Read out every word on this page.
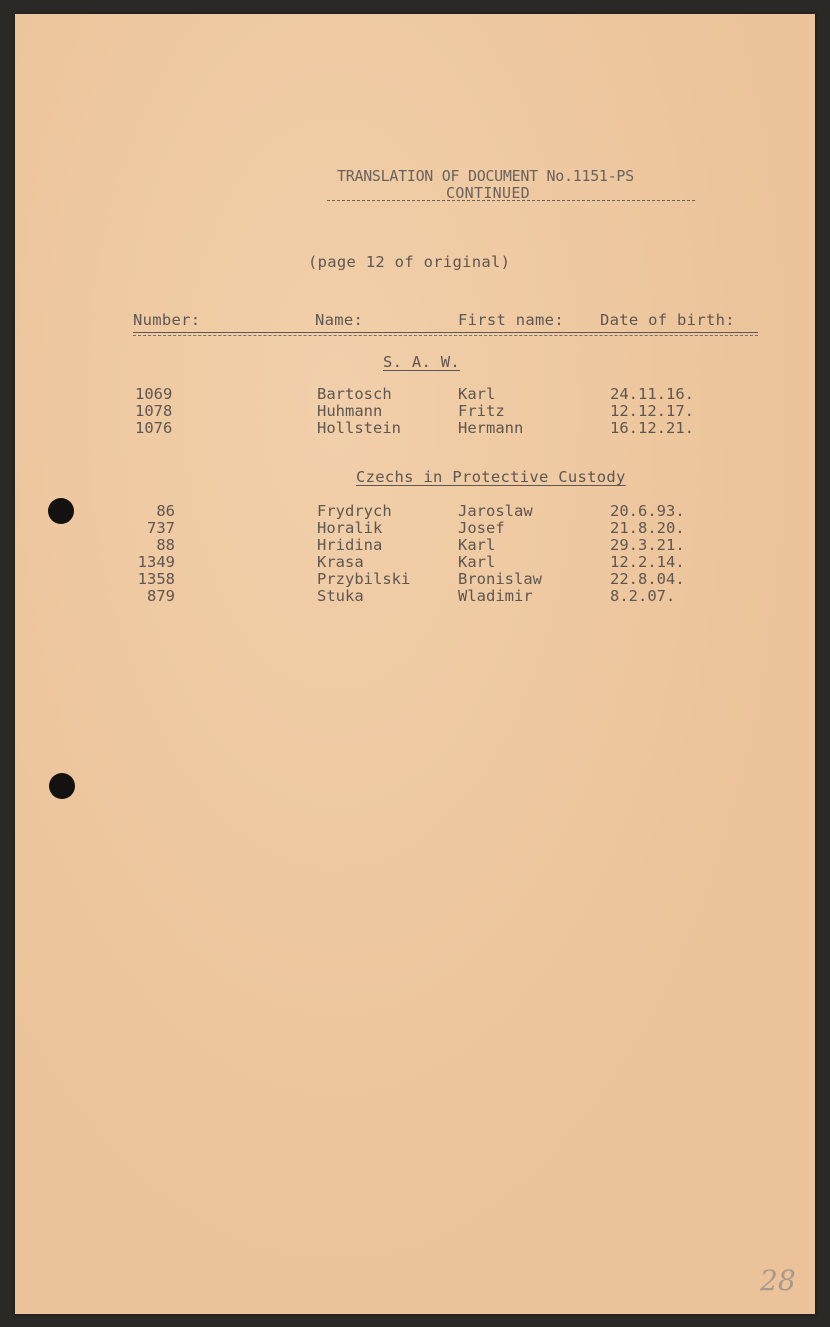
TRANSLATION OF DOCUMENT No.1151-PS
CONTINUED
(page 12 of original)
Number:	Name:	First name: Date of birth:
S. A. W.
1069	Bartosch	Karl	24.11.16.
1078	Huhmann	Fritz	12.12.17.
1076	Hollstein	Hermann	16.12.21.
Czechs in Protective Custody
86	Frydrych	Jaroslaw	20.6.93.
737	Horalik	Josef	21.8.20.
88	Hridina	Karl	29.3.21.
1349	Krasa	Karl	12.2.14.
1358	Przybilski	Bronislaw	22.8.04.
879	Stuka	Wladimir	8.2.07.
28
